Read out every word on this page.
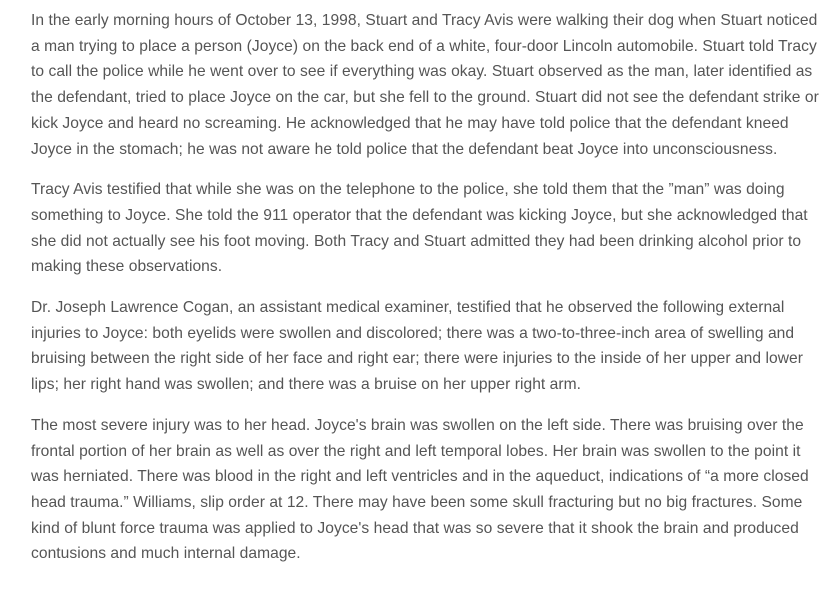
In the early morning hours of October 13, 1998, Stuart and Tracy Avis were walking their dog when Stuart noticed a man trying to place a person (Joyce) on the back end of a white, four-door Lincoln automobile. Stuart told Tracy to call the police while he went over to see if everything was okay. Stuart observed as the man, later identified as the defendant, tried to place Joyce on the car, but she fell to the ground. Stuart did not see the defendant strike or kick Joyce and heard no screaming. He acknowledged that he may have told police that the defendant kneed Joyce in the stomach; he was not aware he told police that the defendant beat Joyce into unconsciousness.

Tracy Avis testified that while she was on the telephone to the police, she told them that the ”man” was doing something to Joyce. She told the 911 operator that the defendant was kicking Joyce, but she acknowledged that she did not actually see his foot moving. Both Tracy and Stuart admitted they had been drinking alcohol prior to making these observations.

Dr. Joseph Lawrence Cogan, an assistant medical examiner, testified that he observed the following external injuries to Joyce: both eyelids were swollen and discolored; there was a two-to-three-inch area of swelling and bruising between the right side of her face and right ear; there were injuries to the inside of her upper and lower lips; her right hand was swollen; and there was a bruise on her upper right arm.

The most severe injury was to her head. Joyce's brain was swollen on the left side. There was bruising over the frontal portion of her brain as well as over the right and left temporal lobes. Her brain was swollen to the point it was herniated. There was blood in the right and left ventricles and in the aqueduct, indications of “a more closed head trauma.” Williams, slip order at 12. There may have been some skull fracturing but no big fractures. Some kind of blunt force trauma was applied to Joyce's head that was so severe that it shook the brain and produced contusions and much internal damage.
